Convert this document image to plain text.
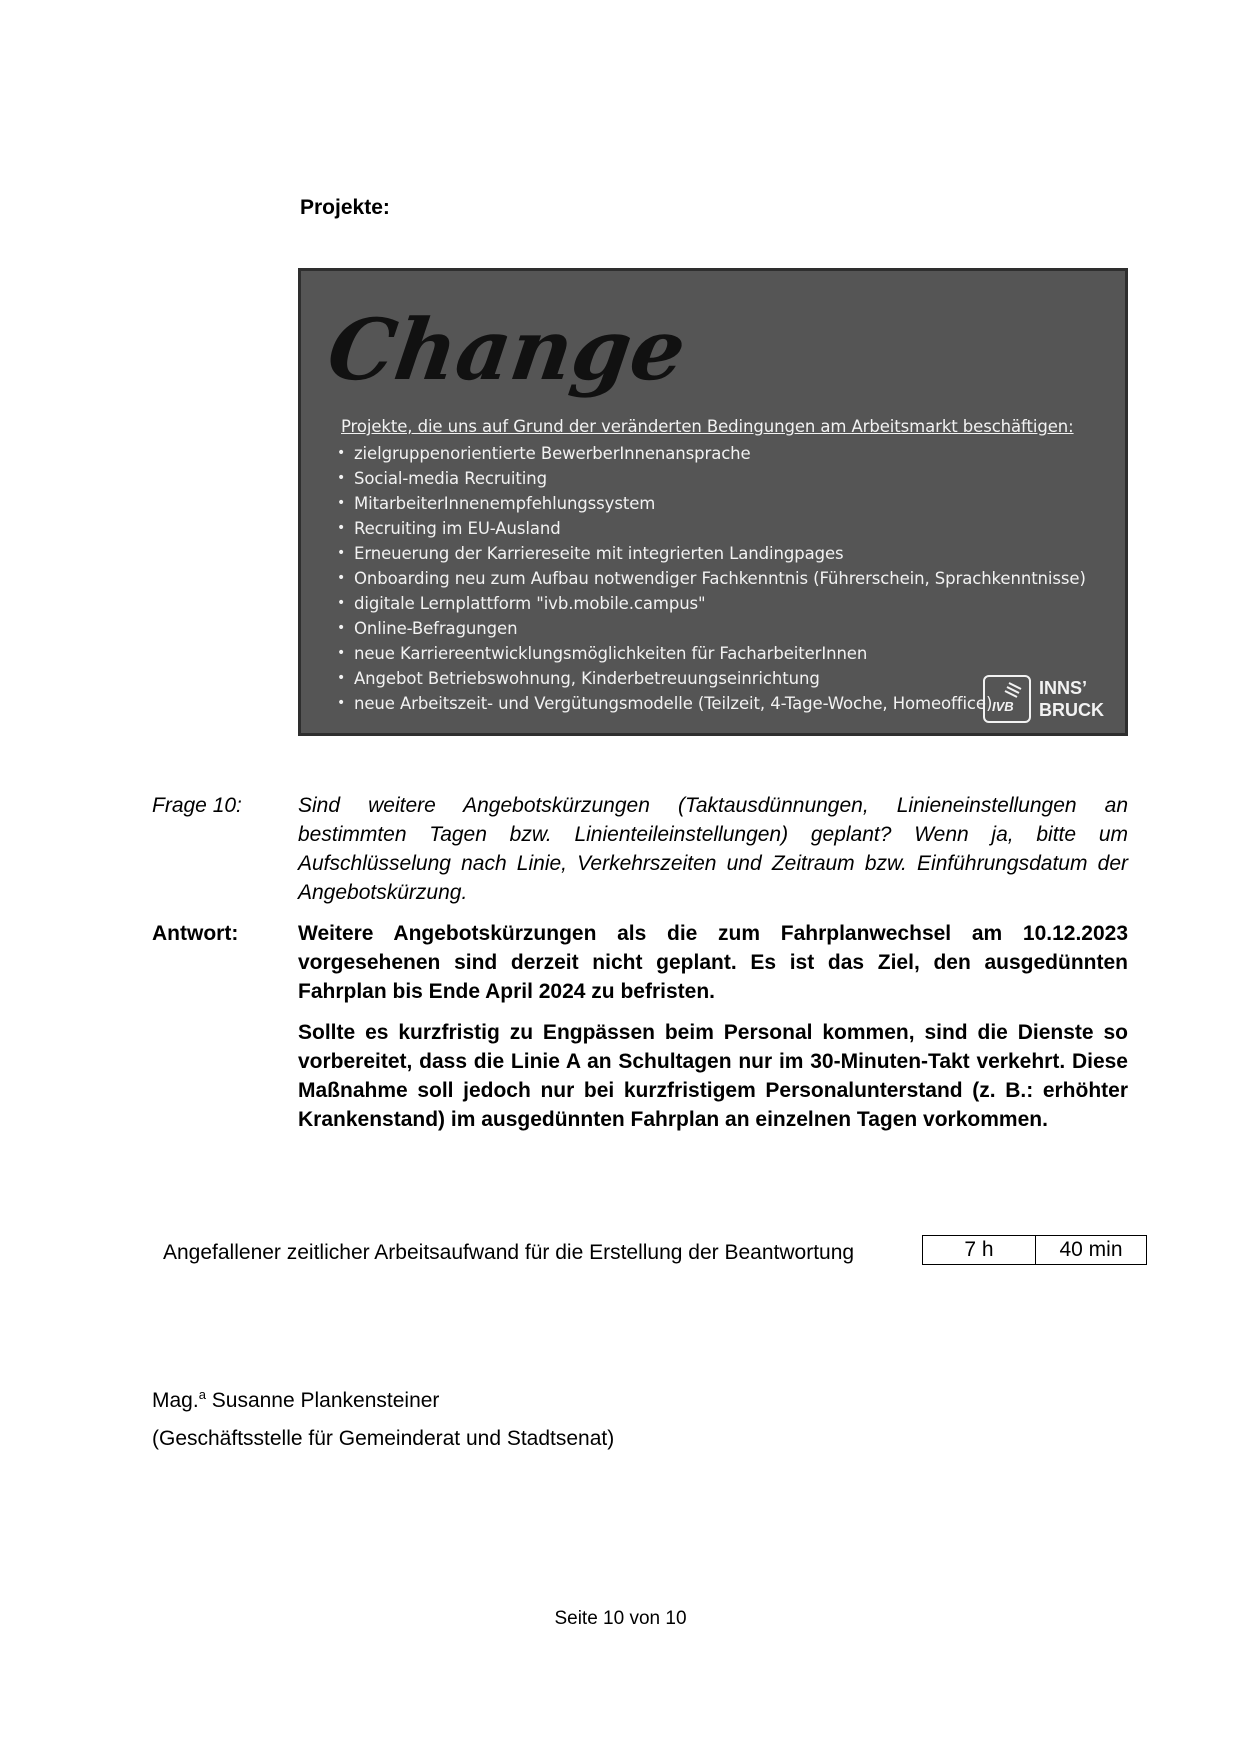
Projekte:
Change
Projekte, die uns auf Grund der veränderten Bedingungen am Arbeitsmarkt beschäftigen:
• zielgruppenorientierte BewerberInnenansprache
• Social-media Recruiting
• MitarbeiterInnenempfehlungssystem
• Recruiting im EU-Ausland
• Erneuerung der Karriereseite mit integrierten Landingpages
• Onboarding neu zum Aufbau notwendiger Fachkenntnis (Führerschein, Sprachkenntnisse)
• digitale Lernplattform "ivb.mobile.campus"
• Online-Befragungen
• neue Karriereentwicklungsmöglichkeiten für FacharbeiterInnen
• Angebot Betriebswohnung, Kinderbetreuungseinrichtung
• neue Arbeitszeit- und Vergütungsmodelle (Teilzeit, 4-Tage-Woche, Homeoffice) IVB
INNS’
BRUCK
Frage 10:	Sind weitere Angebotskürzungen (Taktausdünnungen, Linieneinstellungen an bestimmten Tagen bzw. Linienteileinstellungen) geplant? Wenn ja, bitte um Aufschlüsselung nach Linie, Verkehrszeiten und Zeitraum bzw. Einführungsdatum der Angebotskürzung.
Antwort:	Weitere Angebotskürzungen als die zum Fahrplanwechsel am 10.12.2023 vorgesehenen sind derzeit nicht geplant. Es ist das Ziel, den ausgedünnten Fahrplan bis Ende April 2024 zu befristen.

Sollte es kurzfristig zu Engpässen beim Personal kommen, sind die Dienste so vorbereitet, dass die Linie A an Schultagen nur im 30-Minuten-Takt verkehrt. Diese Maßnahme soll jedoch nur bei kurzfristigem Personalunterstand (z. B.: erhöhter Krankenstand) im ausgedünnten Fahrplan an einzelnen Tagen vorkommen.

Angefallener zeitlicher Arbeitsaufwand für die Erstellung der Beantwortung	7 h	40 min
Mag.$^a$ Susanne Plankensteiner
(Geschäftsstelle für Gemeinderat und Stadtsenat)
Seite 10 von 10
